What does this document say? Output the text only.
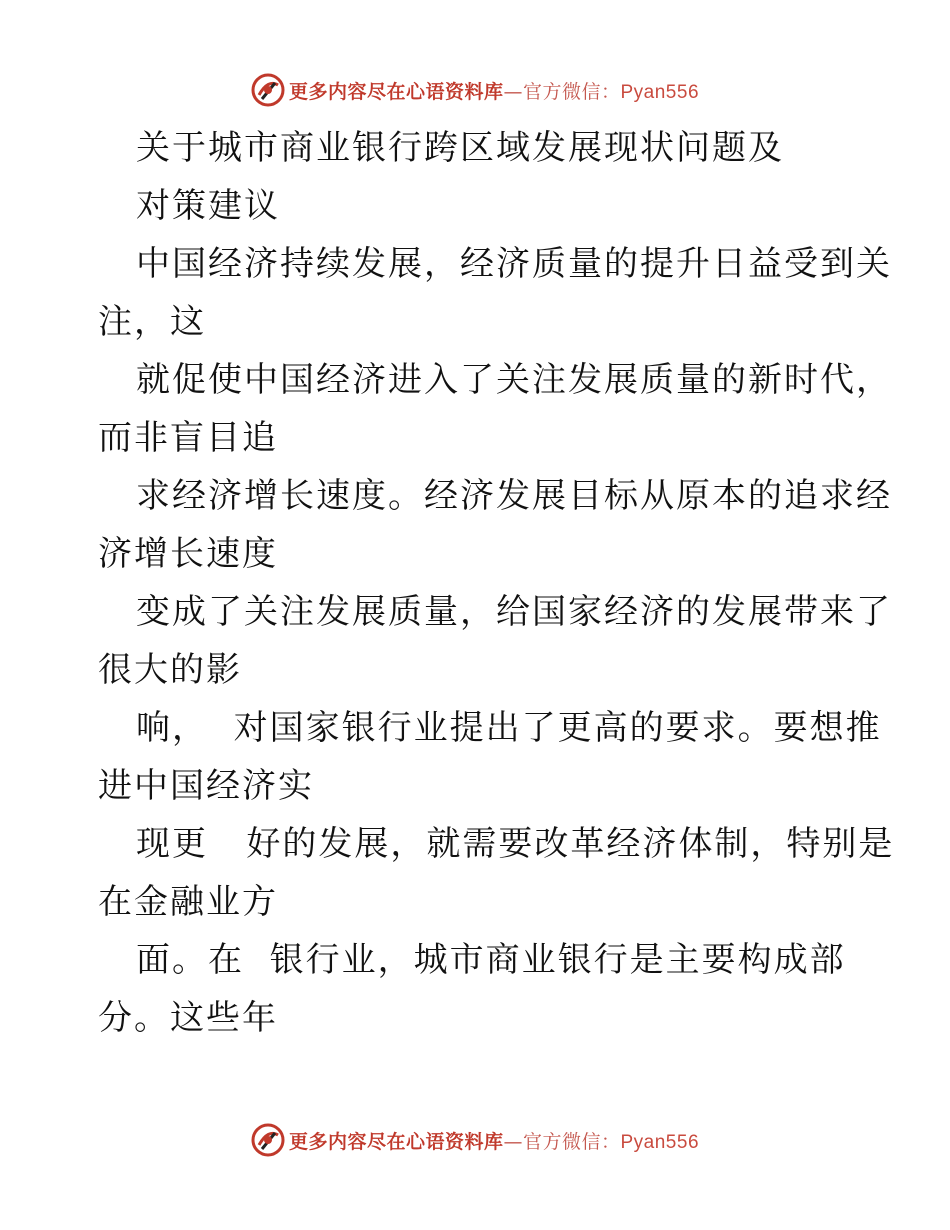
更多内容尽在心语资料库—官方微信：Pyan556
关于城市商业银行跨区域发展现状问题及
对策建议
中国经济持续发展，经济质量的提升日益受到关
注，这
就促使中国经济进入了关注发展质量的新时代，
而非盲目追
求经济增长速度。经济发展目标从原本的追求经
济增长速度
变成了关注发展质量，给国家经济的发展带来了
很大的影
响，  对国家银行业提出了更高的要求。要想推
进中国经济实
现更   好的发展，就需要改革经济体制，特别是
在金融业方
面。在  银行业，城市商业银行是主要构成部
分。这些年
更多内容尽在心语资料库—官方微信：Pyan556
